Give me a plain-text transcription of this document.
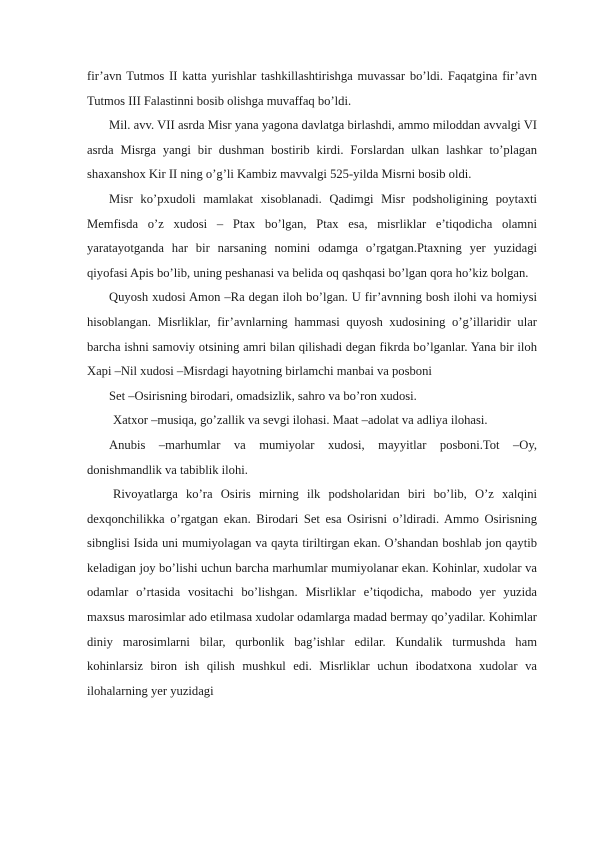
fir’avn Tutmos II katta yurishlar tashkillashtirishga muvassar bo’ldi. Faqatgina fir’avn Tutmos III Falastinni bosib olishga muvaffaq bo’ldi.

Mil. avv. VII asrda Misr yana yagona davlatga birlashdi, ammo miloddan avvalgi VI asrda Misrga yangi bir dushman bostirib kirdi. Forslardan ulkan lashkar to’plagan shaxanshox Kir II ning o’g’li Kambiz mavvalgi 525-yilda Misrni bosib oldi.

Misr ko’pxudoli mamlakat xisoblanadi. Qadimgi Misr podsholigining poytaxti Memfisda o’z xudosi – Ptax bo’lgan, Ptax esa, misrliklar e’tiqodicha olamni yaratayotganda har bir narsaning nomini odamga o’rgatgan.Ptaxning yer yuzidagi qiyofasi Apis bo’lib, uning peshanasi va belida oq qashqasi bo’lgan qora ho’kiz bolgan.

Quyosh xudosi Amon –Ra degan iloh bo’lgan. U fir’avnning bosh ilohi va homiysi hisoblangan. Misrliklar, fir’avnlarning hammasi quyosh xudosining o’g’illaridir ular barcha ishni samoviy otsining amri bilan qilishadi degan fikrda bo’lganlar. Yana bir iloh Xapi –Nil xudosi –Misrdagi hayotning birlamchi manbai va posboni

Set –Osirisning birodari, omadsizlik, sahro va bo’ron xudosi.

Xatxor –musiqa, go’zallik va sevgi ilohasi. Maat –adolat va adliya ilohasi.

Anubis –marhumlar va mumiyolar xudosi, mayyitlar posboni.Tot –Oy, donishmandlik va tabiblik ilohi.

Rivoyatlarga ko’ra Osiris mirning ilk podsholaridan biri bo’lib, O’z xalqini dexqonchilikka o’rgatgan ekan. Birodari Set esa Osirisni o’ldiradi. Ammo Osirisning sibnglisi Isida uni mumiyolagan va qayta tiriltirgan ekan. O’shandan boshlab jon qaytib keladigan joy bo’lishi uchun barcha marhumlar mumiyolanar ekan. Kohinlar, xudolar va odamlar o’rtasida vositachi bo’lishgan. Misrliklar e’tiqodicha, mabodo yer yuzida maxsus marosimlar ado etilmasa xudolar odamlarga madad bermay qo’yadilar. Kohimlar diniy marosimlarni bilar, qurbonlik bag’ishlar edilar. Kundalik turmushda ham kohinlarsiz biron ish qilish mushkul edi. Misrliklar uchun ibodatxona xudolar va ilohalarning yer yuzidagi
